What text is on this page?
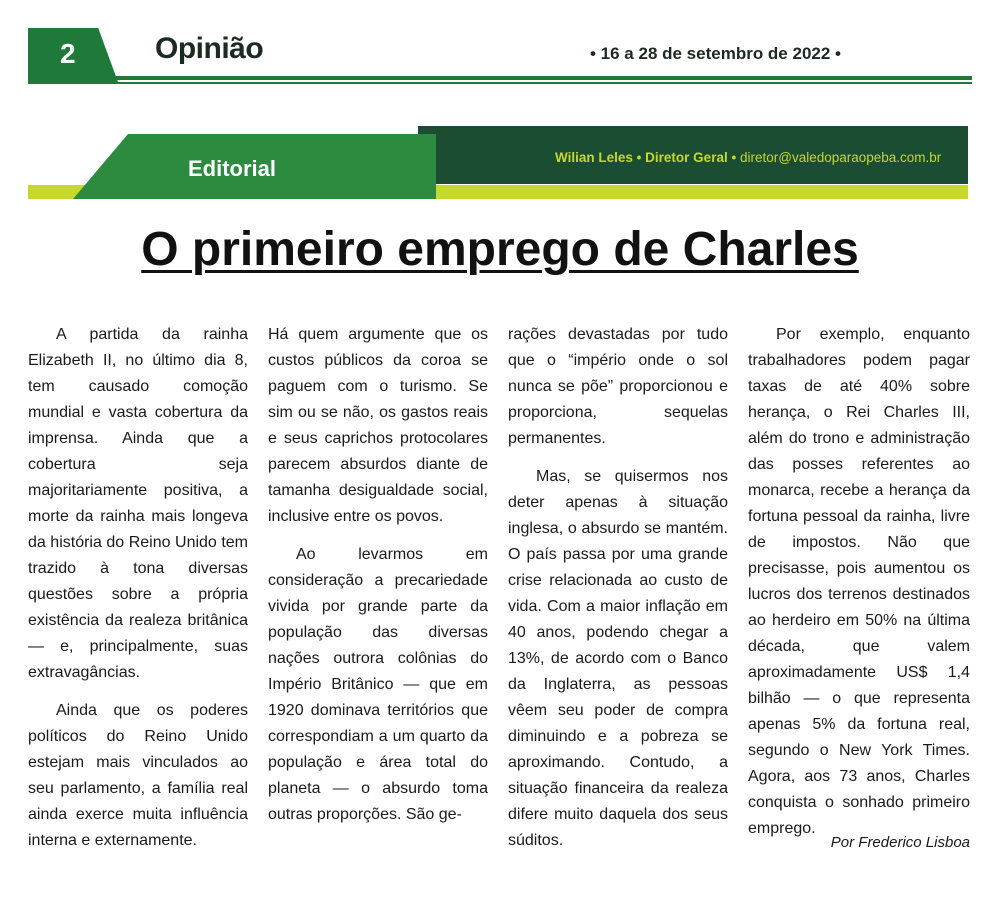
2	Opinião	• 16 a 28 de setembro de 2022 •
Editorial	Wilian Leles • Diretor Geral • diretor@valedoparaopeba.com.br
O primeiro emprego de Charles

A partida da rainha Elizabeth II, no último dia 8, tem causado comoção mundial e vasta cobertura da imprensa. Ainda que a cobertura seja majoritariamente positiva, a morte da rainha mais longeva da história do Reino Unido tem trazido à tona diversas questões sobre a própria existência da realeza britânica — e, principalmente, suas extravagâncias.

Ainda que os poderes políticos do Reino Unido estejam mais vinculados ao seu parlamento, a família real ainda exerce muita influência interna e externamente.

Há quem argumente que os custos públicos da coroa se paguem com o turismo. Se sim ou se não, os gastos reais e seus caprichos protocolares parecem absurdos diante de tamanha desigualdade social, inclusive entre os povos.

Ao levarmos em consideração a precariedade vivida por grande parte da população das diversas nações outrora colônias do Império Britânico — que em 1920 dominava territórios que correspondiam a um quarto da população e área total do planeta — o absurdo toma outras proporções. São ge-

rações devastadas por tudo que o “império onde o sol nunca se põe” proporcionou e proporciona, sequelas permanentes.

Mas, se quisermos nos deter apenas à situação inglesa, o absurdo se mantém. O país passa por uma grande crise relacionada ao custo de vida. Com a maior inflação em 40 anos, podendo chegar a 13%, de acordo com o Banco da Inglaterra, as pessoas vêem seu poder de compra diminuindo e a pobreza se aproximando. Contudo, a situação financeira da realeza difere muito daquela dos seus súditos.

Por exemplo, enquanto trabalhadores podem pagar taxas de até 40% sobre herança, o Rei Charles III, além do trono e administração das posses referentes ao monarca, recebe a herança da fortuna pessoal da rainha, livre de impostos. Não que precisasse, pois aumentou os lucros dos terrenos destinados ao herdeiro em 50% na última década, que valem aproximadamente US$ 1,4 bilhão — o que representa apenas 5% da fortuna real, segundo o New York Times. Agora, aos 73 anos, Charles conquista o sonhado primeiro emprego.

Por Frederico Lisboa
